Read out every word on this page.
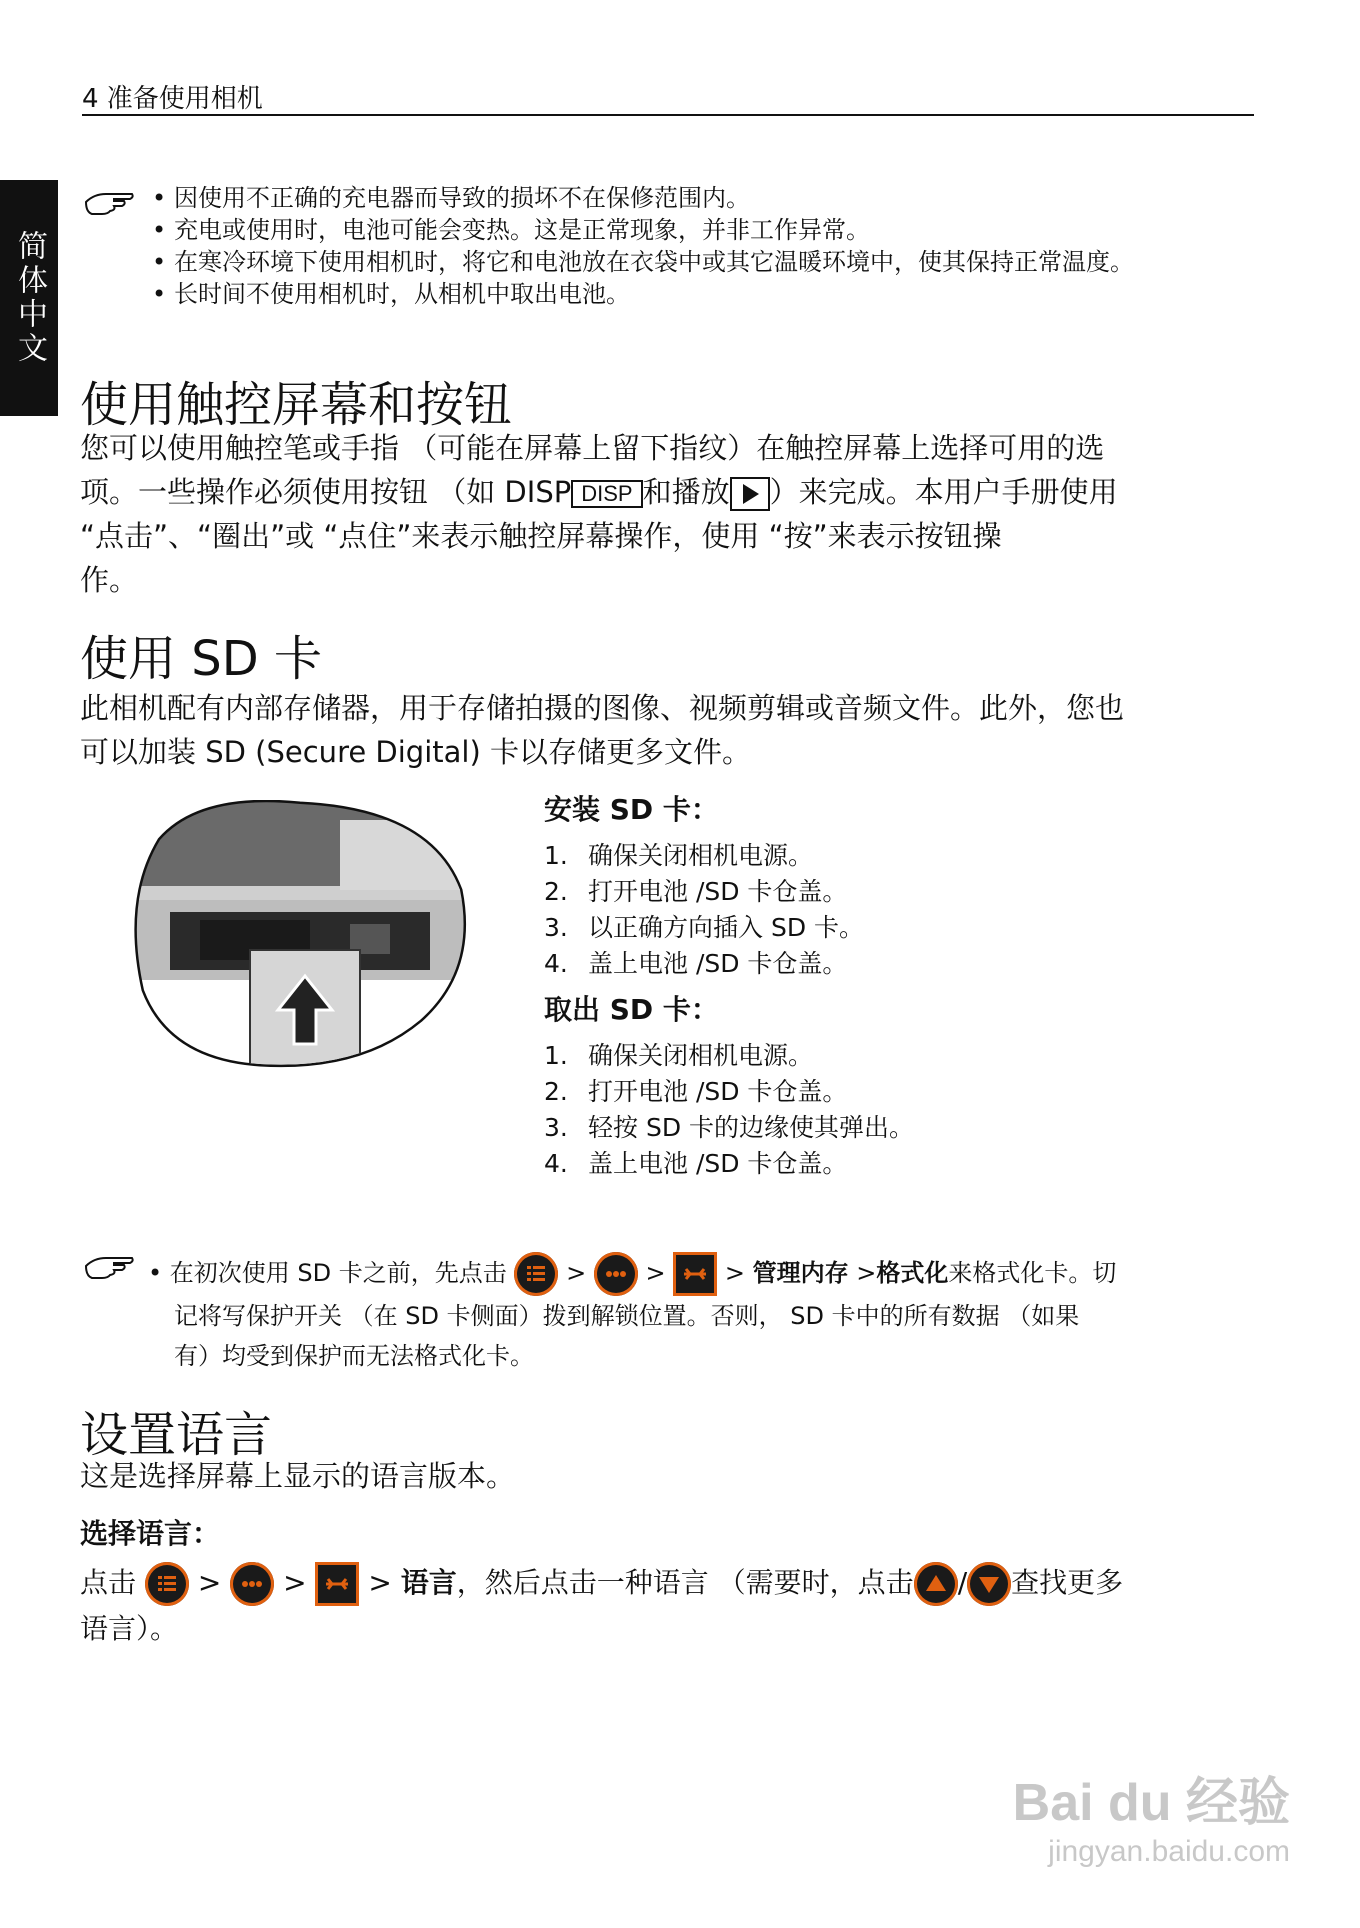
4 准备使用相机
简体中文
• 因使用不正确的充电器而导致的损坏不在保修范围内。
• 充电或使用时，电池可能会变热。这是正常现象，并非工作异常。
• 在寒冷环境下使用相机时，将它和电池放在衣袋中或其它温暖环境中，使其保持正常温度。
• 长时间不使用相机时，从相机中取出电池。
使用触控屏幕和按钮

您可以使用触控笔或手指 （可能在屏幕上留下指纹）在触控屏幕上选择可用的选

项。一些操作必须使用按钮 （如 DISP DISP 和播放 ）来完成。本用户手册使用

“点击”、“圈出”或 “点住”来表示触控屏幕操作，使用 “按”来表示按钮操

作。

使用 SD 卡

此相机配有内部存储器，用于存储拍摄的图像、视频剪辑或音频文件。此外，您也

可以加装 SD (Secure Digital) 卡以存储更多文件。

安装 SD 卡：

1. 确保关闭相机电源。
2. 打开电池 /SD 卡仓盖。
3. 以正确方向插入 SD 卡。
4. 盖上电池 /SD 卡仓盖。

取出 SD 卡：

1. 确保关闭相机电源。
2. 打开电池 /SD 卡仓盖。
3. 轻按 SD 卡的边缘使其弹出。
4. 盖上电池 /SD 卡仓盖。
• 在初次使用 SD 卡之前，先点击 > > > 管理内存 >格式化来格式化卡。切
记将写保护开关 （在 SD 卡侧面）拨到解锁位置。否则， SD 卡中的所有数据 （如果
有）均受到保护而无法格式化卡。
设置语言

这是选择屏幕上显示的语言版本。

选择语言：

点击 > > > 语言，然后点击一种语言 （需要时，点击 / 查找更多
语言）。
Bai du 经验
jingyan.baidu.com
